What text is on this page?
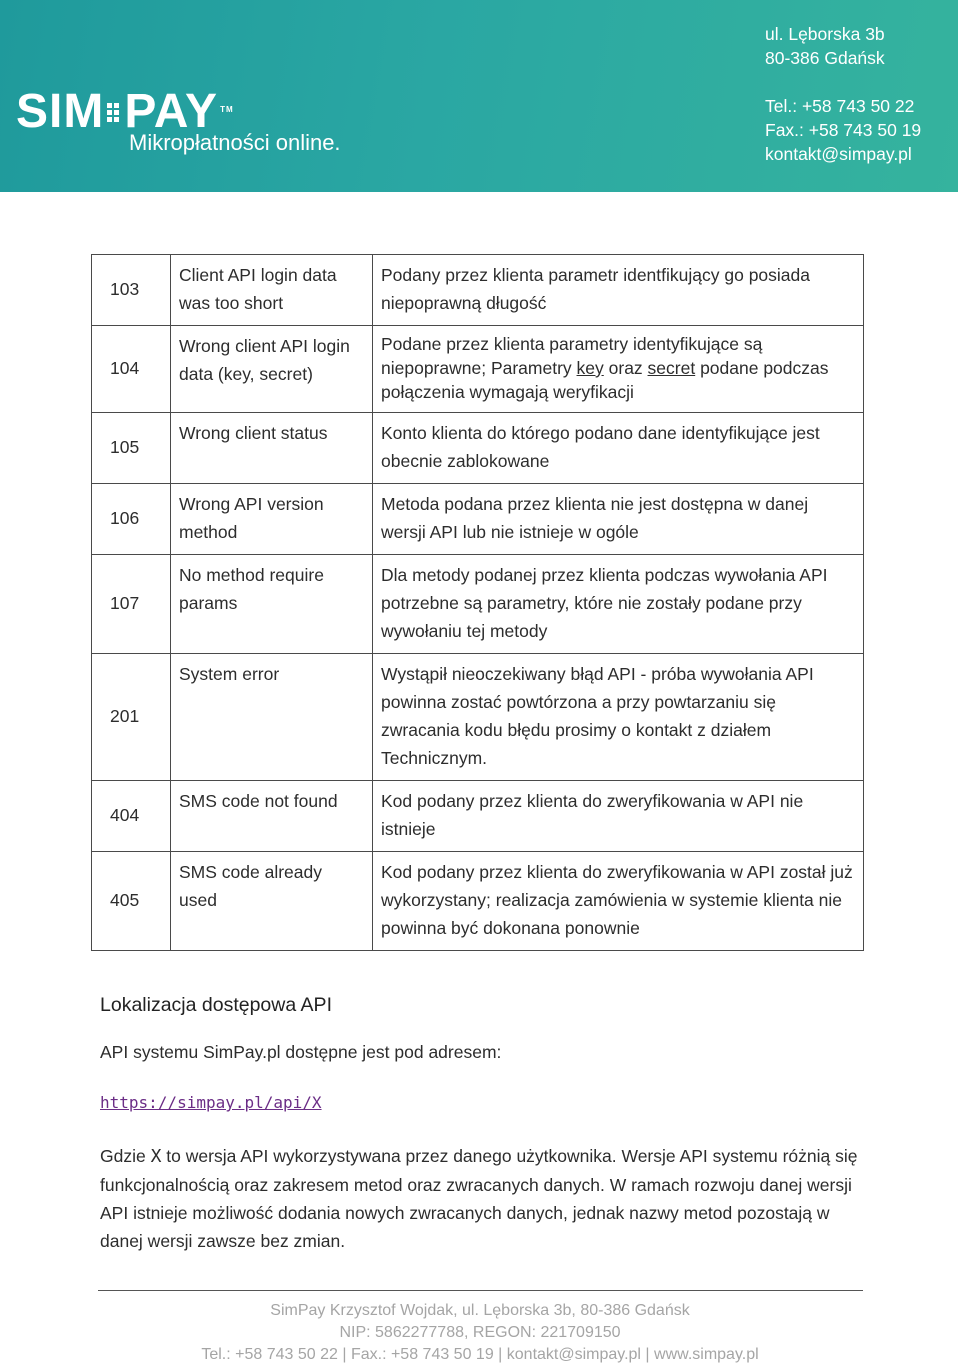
SIM PAY TM
Mikropłatności online.
ul. Lęborska 3b
80-386 Gdańsk
Tel.: +58 743 50 22
Fax.: +58 743 50 19
kontakt@simpay.pl
103	Client API login data was too short	Podany przez klienta parametr identfikujący go posiada niepoprawną długość
104	Wrong client API login data (key, secret)	Podane przez klienta parametry identyfikujące są niepoprawne; Parametry key oraz secret podane podczas połączenia wymagają weryfikacji
105	Wrong client status	Konto klienta do którego podano dane identyfikujące jest obecnie zablokowane
106	Wrong API version method	Metoda podana przez klienta nie jest dostępna w danej wersji API lub nie istnieje w ogóle
107	No method require params	Dla metody podanej przez klienta podczas wywołania API potrzebne są parametry, które nie zostały podane przy wywołaniu tej metody
201	System error	Wystąpił nieoczekiwany błąd API - próba wywołania API powinna zostać powtórzona a przy powtarzaniu się zwracania kodu błędu prosimy o kontakt z działem Technicznym.
404	SMS code not found	Kod podany przez klienta do zweryfikowania w API nie istnieje
405	SMS code already used	Kod podany przez klienta do zweryfikowania w API został już wykorzystany; realizacja zamówienia w systemie klienta nie powinna być dokonana ponownie
Lokalizacja dostępowa API
API systemu SimPay.pl dostępne jest pod adresem:
https://simpay.pl/api/X
Gdzie X to wersja API wykorzystywana przez danego użytkownika. Wersje API systemu różnią się funkcjonalnością oraz zakresem metod oraz zwracanych danych. W ramach rozwoju danej wersji API istnieje możliwość dodania nowych zwracanych danych, jednak nazwy metod pozostają w danej wersji zawsze bez zmian.
SimPay Krzysztof Wojdak, ul. Lęborska 3b, 80-386 Gdańsk
NIP: 5862277788, REGON: 221709150
Tel.: +58 743 50 22 | Fax.: +58 743 50 19 | kontakt@simpay.pl | www.simpay.pl
